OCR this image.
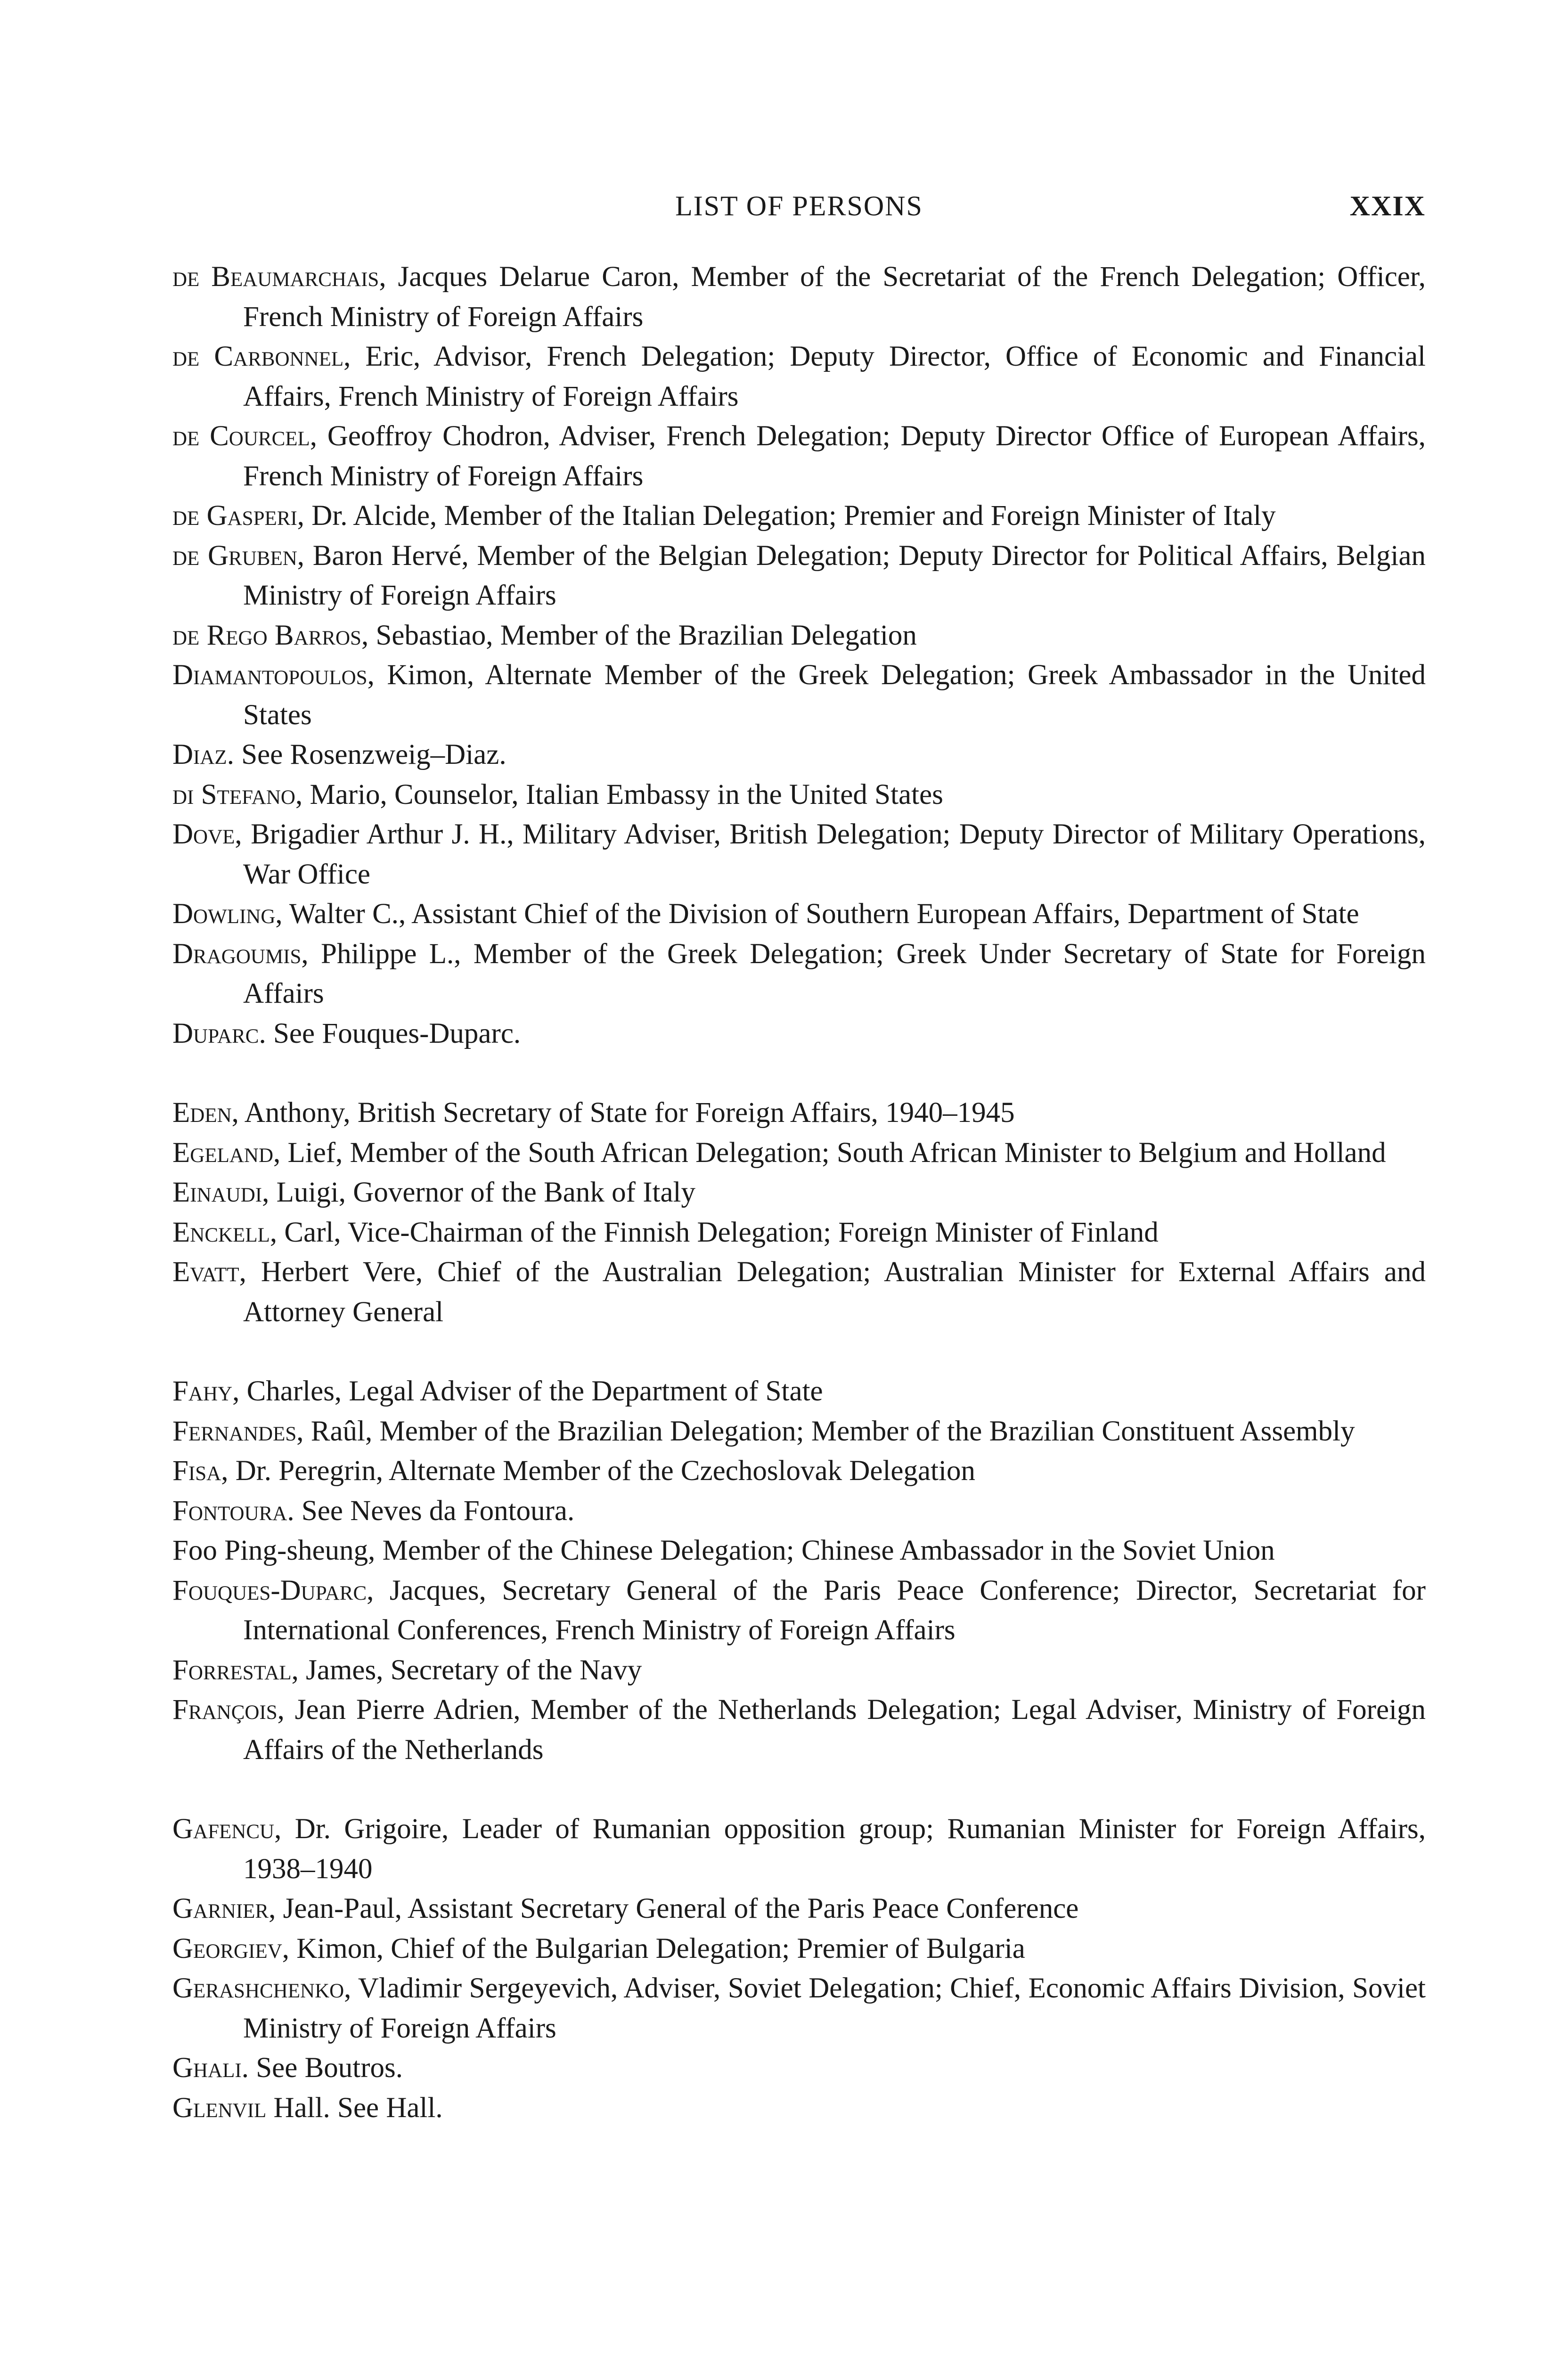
LIST OF PERSONS	XXIX
de Beaumarchais, Jacques Delarue Caron, Member of the Secretariat of the French Delegation; Officer, French Ministry of Foreign Affairs
de Carbonnel, Eric, Advisor, French Delegation; Deputy Director, Office of Economic and Financial Affairs, French Ministry of Foreign Affairs
de Courcel, Geoffroy Chodron, Adviser, French Delegation; Deputy Director Office of European Affairs, French Ministry of Foreign Affairs
de Gasperi, Dr. Alcide, Member of the Italian Delegation; Premier and Foreign Minister of Italy
de Gruben, Baron Hervé, Member of the Belgian Delegation; Deputy Director for Political Affairs, Belgian Ministry of Foreign Affairs
de Rego Barros, Sebastiao, Member of the Brazilian Delegation
Diamantopoulos, Kimon, Alternate Member of the Greek Delegation; Greek Ambassador in the United States
Diaz. See Rosenzweig–Diaz.
di Stefano, Mario, Counselor, Italian Embassy in the United States
Dove, Brigadier Arthur J. H., Military Adviser, British Delegation; Deputy Director of Military Operations, War Office
Dowling, Walter C., Assistant Chief of the Division of Southern European Affairs, Department of State
Dragoumis, Philippe L., Member of the Greek Delegation; Greek Under Secretary of State for Foreign Affairs
Duparc. See Fouques-Duparc.
Eden, Anthony, British Secretary of State for Foreign Affairs, 1940–1945
Egeland, Lief, Member of the South African Delegation; South African Minister to Belgium and Holland
Einaudi, Luigi, Governor of the Bank of Italy
Enckell, Carl, Vice-Chairman of the Finnish Delegation; Foreign Minister of Finland
Evatt, Herbert Vere, Chief of the Australian Delegation; Australian Minister for External Affairs and Attorney General
Fahy, Charles, Legal Adviser of the Department of State
Fernandes, Raûl, Member of the Brazilian Delegation; Member of the Brazilian Constituent Assembly
Fisa, Dr. Peregrin, Alternate Member of the Czechoslovak Delegation
Fontoura. See Neves da Fontoura.
Foo Ping-sheung, Member of the Chinese Delegation; Chinese Ambassador in the Soviet Union
Fouques-Duparc, Jacques, Secretary General of the Paris Peace Conference; Director, Secretariat for International Conferences, French Ministry of Foreign Affairs
Forrestal, James, Secretary of the Navy
François, Jean Pierre Adrien, Member of the Netherlands Delegation; Legal Adviser, Ministry of Foreign Affairs of the Netherlands
Gafencu, Dr. Grigoire, Leader of Rumanian opposition group; Rumanian Minister for Foreign Affairs, 1938–1940
Garnier, Jean-Paul, Assistant Secretary General of the Paris Peace Conference
Georgiev, Kimon, Chief of the Bulgarian Delegation; Premier of Bulgaria
Gerashchenko, Vladimir Sergeyevich, Adviser, Soviet Delegation; Chief, Economic Affairs Division, Soviet Ministry of Foreign Affairs
Ghali. See Boutros.
Glenvil Hall. See Hall.
